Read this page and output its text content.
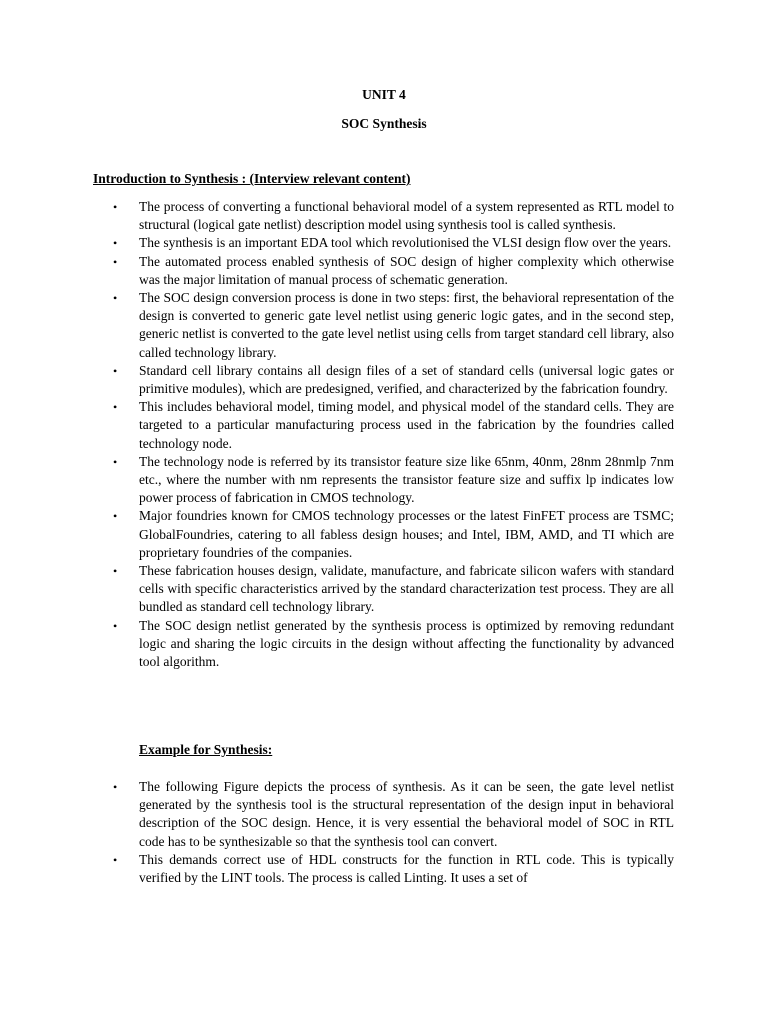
UNIT 4
SOC Synthesis
Introduction to Synthesis : (Interview relevant content)
• The process of converting a functional behavioral model of a system represented as RTL model to structural (logical gate netlist) description model using synthesis tool is called synthesis.
• The synthesis is an important EDA tool which revolutionised the VLSI design flow over the years.
• The automated process enabled synthesis of SOC design of higher complexity which otherwise was the major limitation of manual process of schematic generation.
• The SOC design conversion process is done in two steps: first, the behavioral representation of the design is converted to generic gate level netlist using generic logic gates, and in the second step, generic netlist is converted to the gate level netlist using cells from target standard cell library, also called technology library.
• Standard cell library contains all design files of a set of standard cells (universal logic gates or primitive modules), which are predesigned, verified, and characterized by the fabrication foundry.
• This includes behavioral model, timing model, and physical model of the standard cells. They are targeted to a particular manufacturing process used in the fabrication by the foundries called technology node.
• The technology node is referred by its transistor feature size like 65nm, 40nm, 28nm 28nmlp 7nm etc., where the number with nm represents the transistor feature size and suffix lp indicates low power process of fabrication in CMOS technology.
• Major foundries known for CMOS technology processes or the latest FinFET process are TSMC; GlobalFoundries, catering to all fabless design houses; and Intel, IBM, AMD, and TI which are proprietary foundries of the companies.
• These fabrication houses design, validate, manufacture, and fabricate silicon wafers with standard cells with specific characteristics arrived by the standard characterization test process. They are all bundled as standard cell technology library.
• The SOC design netlist generated by the synthesis process is optimized by removing redundant logic and sharing the logic circuits in the design without affecting the functionality by advanced tool algorithm.
Example for Synthesis:
• The following Figure depicts the process of synthesis. As it can be seen, the gate level netlist generated by the synthesis tool is the structural representation of the design input in behavioral description of the SOC design. Hence, it is very essential the behavioral model of SOC in RTL code has to be synthesizable so that the synthesis tool can convert.
• This demands correct use of HDL constructs for the function in RTL code. This is typically verified by the LINT tools. The process is called Linting. It uses a set of
